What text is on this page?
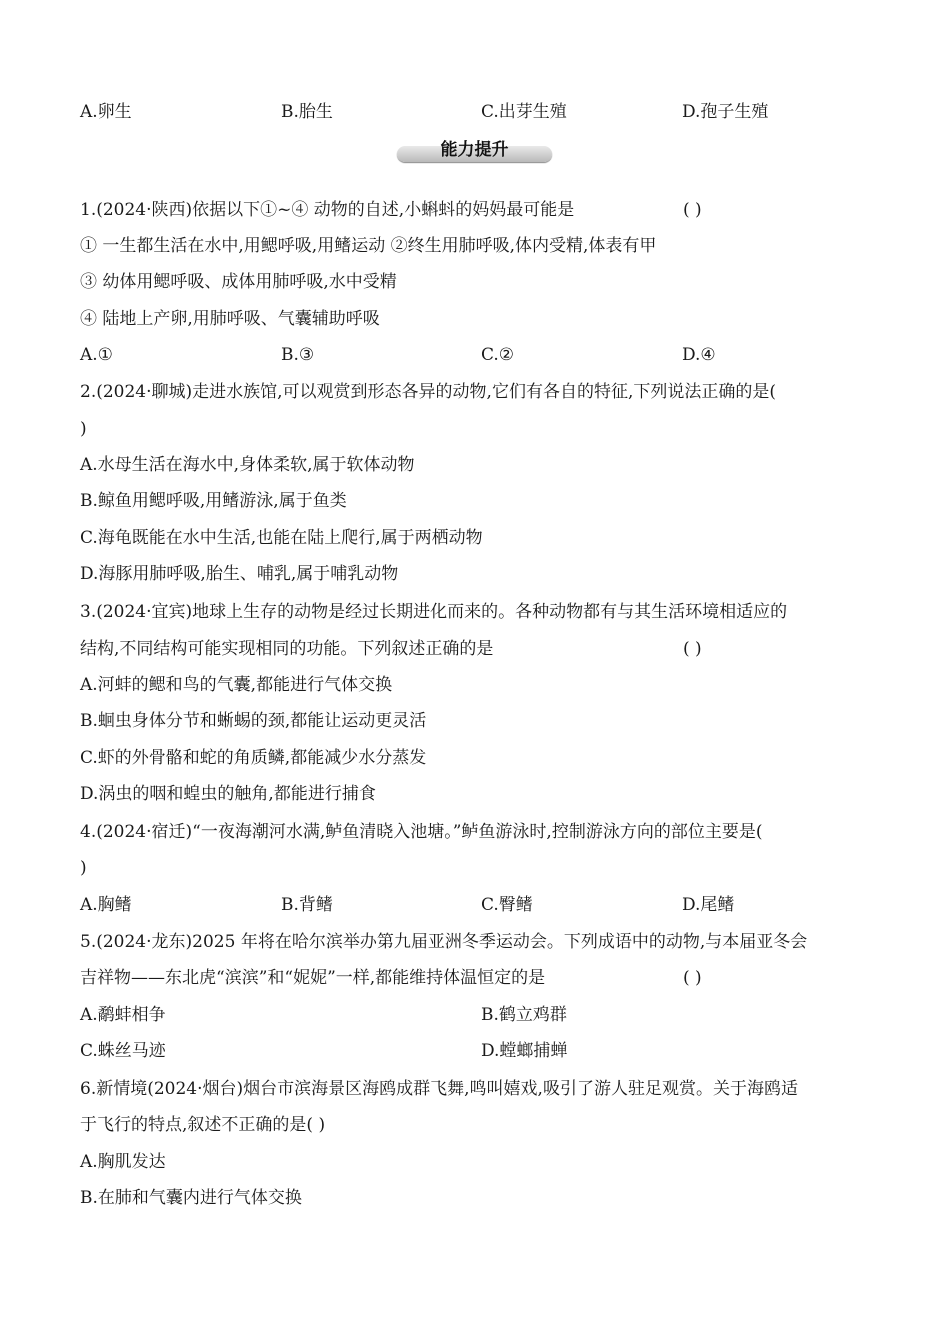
A.卵生	B.胎生	C.出芽生殖	D.孢子生殖
能力提升
1.(2024·陕西)依据以下①~④ 动物的自述,小蝌蚪的妈妈最可能是	( )
① 一生都生活在水中,用鳃呼吸,用鳍运动 ②终生用肺呼吸,体内受精,体表有甲
③ 幼体用鳃呼吸、成体用肺呼吸,水中受精
④ 陆地上产卵,用肺呼吸、气囊辅助呼吸
A.①	B.③	C.②	D.④
2.(2024·聊城)走进水族馆,可以观赏到形态各异的动物,它们有各自的特征,下列说法正确的是(
)
A.水母生活在海水中,身体柔软,属于软体动物
B.鲸鱼用鳃呼吸,用鳍游泳,属于鱼类
C.海龟既能在水中生活,也能在陆上爬行,属于两栖动物
D.海豚用肺呼吸,胎生、哺乳,属于哺乳动物
3.(2024·宜宾)地球上生存的动物是经过长期进化而来的。各种动物都有与其生活环境相适应的
结构,不同结构可能实现相同的功能。下列叙述正确的是	( )
A.河蚌的鳃和鸟的气囊,都能进行气体交换
B.蛔虫身体分节和蜥蜴的颈,都能让运动更灵活
C.虾的外骨骼和蛇的角质鳞,都能减少水分蒸发
D.涡虫的咽和蝗虫的触角,都能进行捕食
4.(2024·宿迁)“一夜海潮河水满,鲈鱼清晓入池塘。”鲈鱼游泳时,控制游泳方向的部位主要是(
)
A.胸鳍	B.背鳍	C.臀鳍	D.尾鳍
5.(2024·龙东)2025 年将在哈尔滨举办第九届亚洲冬季运动会。下列成语中的动物,与本届亚冬会
吉祥物——东北虎“滨滨”和“妮妮”一样,都能维持体温恒定的是	( )
A.鹬蚌相争	B.鹤立鸡群
C.蛛丝马迹	D.螳螂捕蝉
6.新情境(2024·烟台)烟台市滨海景区海鸥成群飞舞,鸣叫嬉戏,吸引了游人驻足观赏。关于海鸥适
于飞行的特点,叙述不正确的是( )
A.胸肌发达
B.在肺和气囊内进行气体交换
